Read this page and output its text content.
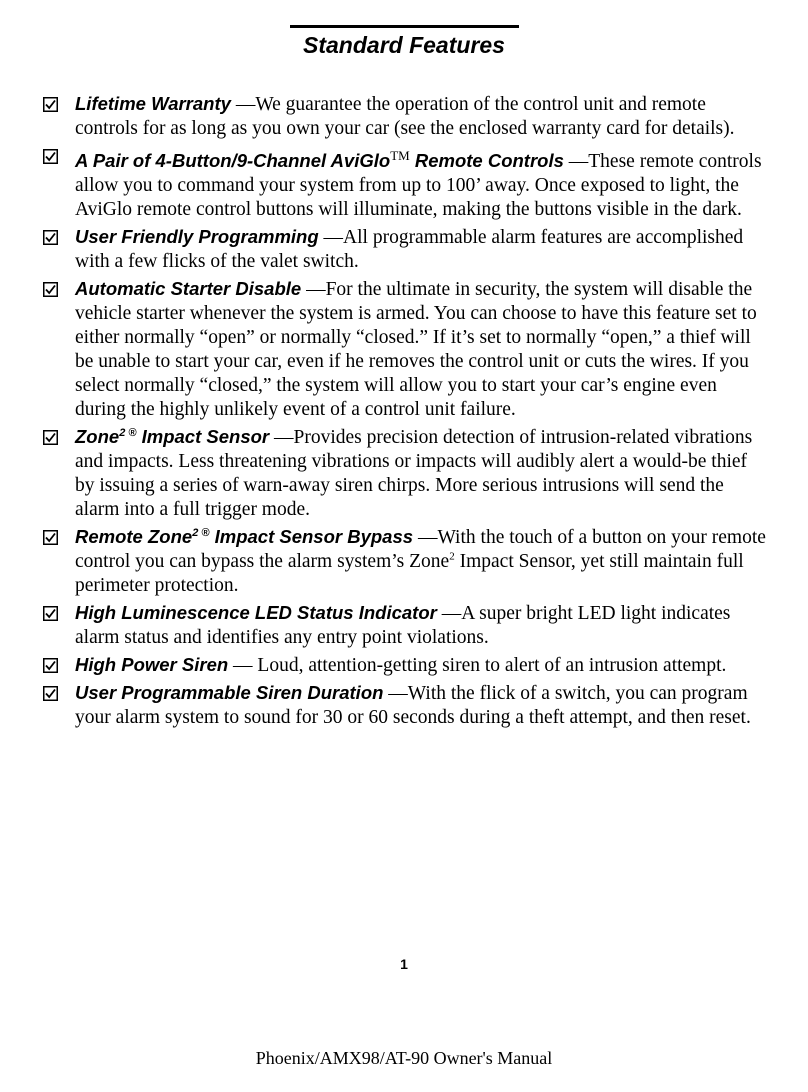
Standard Features
Lifetime Warranty —We guarantee the operation of the control unit and remote controls for as long as you own your car (see the enclosed warranty card for details).
A Pair of 4-Button/9-Channel AviGlo™ Remote Controls —These remote controls allow you to command your system from up to 100’ away. Once exposed to light, the AviGlo remote control buttons will illuminate, making the buttons visible in the dark.
User Friendly Programming —All programmable alarm features are accomplished with a few flicks of the valet switch.
Automatic Starter Disable —For the ultimate in security, the system will disable the vehicle starter whenever the system is armed. You can choose to have this feature set to either normally “open” or normally “closed.” If it’s set to normally “open,” a thief will be unable to start your car, even if he removes the control unit or cuts the wires. If you select normally “closed,” the system will allow you to start your car’s engine even during the highly unlikely event of a control unit failure.
Zone$^{2 ®}$ Impact Sensor —Provides precision detection of intrusion-related vibrations and impacts. Less threatening vibrations or impacts will audibly alert a would-be thief by issuing a series of warn-away siren chirps. More serious intrusions will send the alarm into a full trigger mode.
Remote Zone$^{2 ®}$ Impact Sensor Bypass —With the touch of a button on your remote control you can bypass the alarm system’s Zone$^2$ Impact Sensor, yet still maintain full perimeter protection.
High Luminescence LED Status Indicator —A super bright LED light indicates alarm status and identifies any entry point violations.
High Power Siren — Loud, attention-getting siren to alert of an intrusion attempt.
User Programmable Siren Duration —With the flick of a switch, you can program your alarm system to sound for 30 or 60 seconds during a theft attempt, and then reset.
1
Phoenix/AMX98/AT-90 Owner's Manual
